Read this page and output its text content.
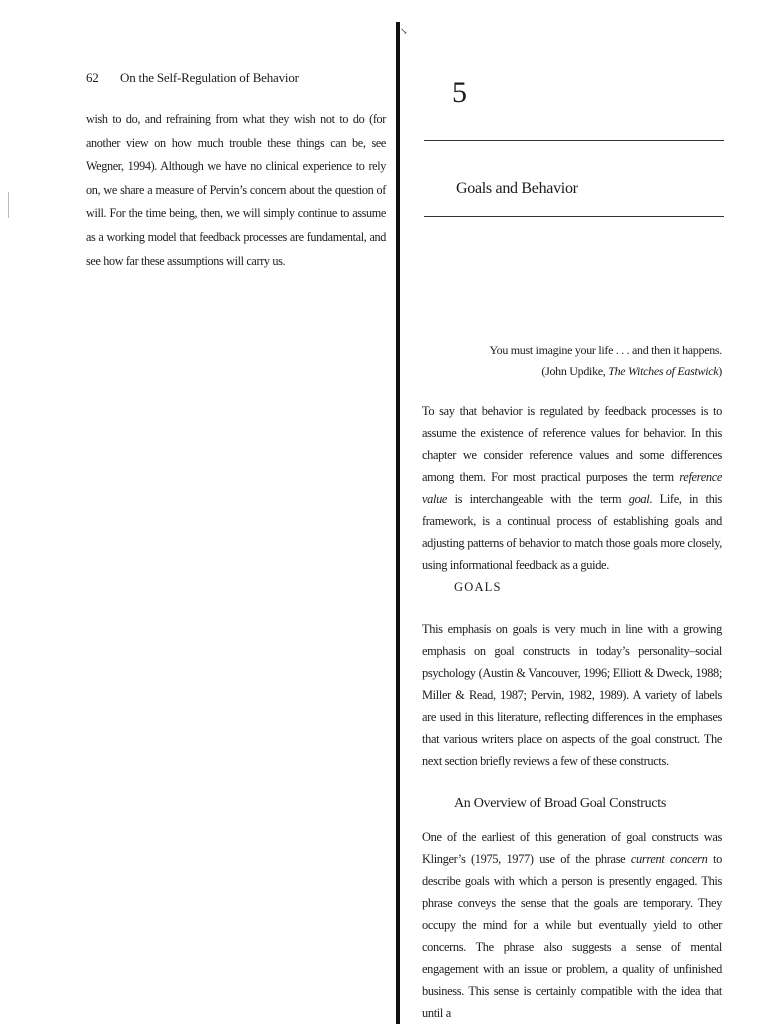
62 On the Self-Regulation of Behavior

wish to do, and refraining from what they wish not to do (for another view on how much trouble these things can be, see Wegner, 1994). Although we have no clinical experience to rely on, we share a measure of Pervin’s concern about the question of will. For the time being, then, we will simply continue to assume as a working model that feedback processes are fundamental, and see how far these assumptions will carry us.

↘
5
Goals and Behavior

You must imagine your life . . . and then it happens.

(John Updike, The Witches of Eastwick)

To say that behavior is regulated by feedback processes is to assume the existence of reference values for behavior. In this chapter we consider reference values and some differences among them. For most practical purposes the term reference value is interchangeable with the term goal. Life, in this framework, is a continual process of establishing goals and adjusting patterns of behavior to match those goals more closely, using informational feedback as a guide.

GOALS

This emphasis on goals is very much in line with a growing emphasis on goal constructs in today’s personality–social psychology (Austin & Vancouver, 1996; Elliott & Dweck, 1988; Miller & Read, 1987; Pervin, 1982, 1989). A variety of labels are used in this literature, reflecting differences in the emphases that various writers place on aspects of the goal construct. The next section briefly reviews a few of these constructs.

An Overview of Broad Goal Constructs

One of the earliest of this generation of goal constructs was Klinger’s (1975, 1977) use of the phrase current concern to describe goals with which a person is presently engaged. This phrase conveys the sense that the goals are temporary. They occupy the mind for a while but eventually yield to other concerns. The phrase also suggests a sense of mental engagement with an issue or problem, a quality of unfinished business. This sense is certainly compatible with the idea that until a
